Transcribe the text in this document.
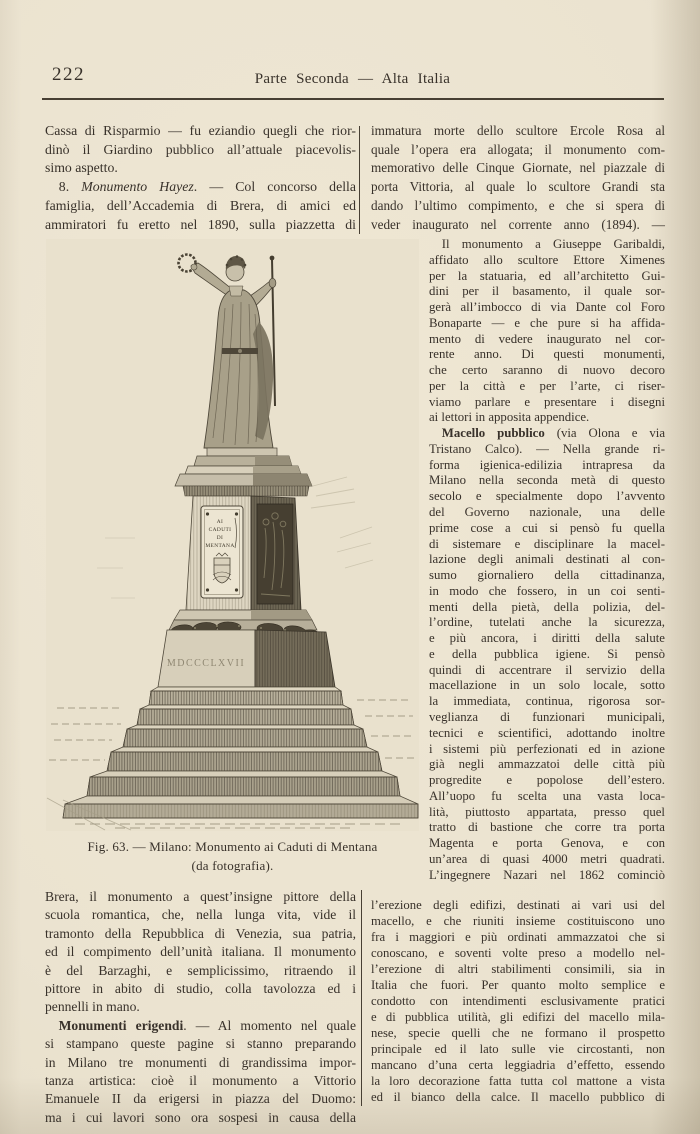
222	Parte Seconda — Alta Italia
Cassa di Risparmio — fu eziandio quegli che rior-
dinò il Giardino pubblico all’attuale piacevolis-
simo aspetto.
 8. Monumento Hayez. — Col concorso della
famiglia, dell’Accademia di Brera, di amici ed
ammiratori fu eretto nel 1890, sulla piazzetta di
immatura morte dello scultore Ercole Rosa al
quale l’opera era allogata; il monumento com-
memorativo delle Cinque Giornate, nel piazzale di
porta Vittoria, al quale lo scultore Grandi sta
dando l’ultimo compimento, e che si spera di
veder inaugurato nel corrente anno (1894). —
 Il monumento a Giuseppe Garibaldi,
affidato allo scultore Ettore Ximenes
per la statuaria, ed all’architetto Gui-
dini per il basamento, il quale sor-
gerà all’imbocco di via Dante col Foro
Bonaparte — e che pure si ha affida-
mento di vedere inaugurato nel cor-
rente anno. Di questi monumenti,
che certo saranno di nuovo decoro
per la città e per l’arte, ci riser-
viamo parlare e presentare i disegni
ai lettori in apposita appendice.
 Macello pubblico (via Olona e via
Tristano Calco). — Nella grande ri-
forma igienica-edilizia intrapresa da
Milano nella seconda metà di questo
secolo e specialmente dopo l’avvento
del Governo nazionale, una delle
prime cose a cui si pensò fu quella
di sistemare e disciplinare la macel-
lazione degli animali destinati al con-
sumo giornaliero della cittadinanza,
in modo che fossero, in un coi senti-
menti della pietà, della polizia, del-
l’ordine, tutelati anche la sicurezza,
e più ancora, i diritti della salute
e della pubblica igiene. Si pensò
quindi di accentrare il servizio della
macellazione in un solo locale, sotto
la immediata, continua, rigorosa sor-
veglianza di funzionari municipali,
tecnici e scientifici, adottando inoltre
i sistemi più perfezionati ed in azione
già negli ammazzatoi delle città più
progredite e popolose dell’estero.
All’uopo fu scelta una vasta loca-
lità, piuttosto appartata, presso quel
tratto di bastione che corre tra porta
Magenta e porta Genova, e con
un’area di quasi 4000 metri quadrati.
L’ingegnere Nazari nel 1862 cominciò
Brera, il monumento a quest’insigne pittore della
scuola romantica, che, nella lunga vita, vide il
tramonto della Repubblica di Venezia, sua patria,
ed il compimento dell’unità italiana. Il monumento
è del Barzaghi, e semplicissimo, ritraendo il
pittore in abito di studio, colla tavolozza ed i
pennelli in mano.
 Monumenti erigendi. — Al momento nel quale
si stampano queste pagine si stanno preparando
in Milano tre monumenti di grandissima impor-
tanza artistica: cioè il monumento a Vittorio
Emanuele II da erigersi in piazza del Duomo:
ma i cui lavori sono ora sospesi in causa della
l’erezione degli edifizi, destinati ai vari usi del
macello, e che riuniti insieme costituiscono uno
fra i maggiori e più ordinati ammazzatoi che si
conoscano, e soventi volte preso a modello nel-
l’erezione di altri stabilimenti consimili, sia in
Italia che fuori. Per quanto molto semplice e
condotto con intendimenti esclusivamente pratici
e di pubblica utilità, gli edifizi del macello mila-
nese, specie quelli che ne formano il prospetto
principale ed il lato sulle vie circostanti, non
mancano d’una certa leggiadria d’effetto, essendo
la loro decorazione fatta tutta col mattone a vista
ed il bianco della calce. Il macello pubblico di
AI
CADUTI
DI
MENTANA
MDCCCLXVII
Fig. 63. — Milano: Monumento ai Caduti di Mentana
(da fotografia).
